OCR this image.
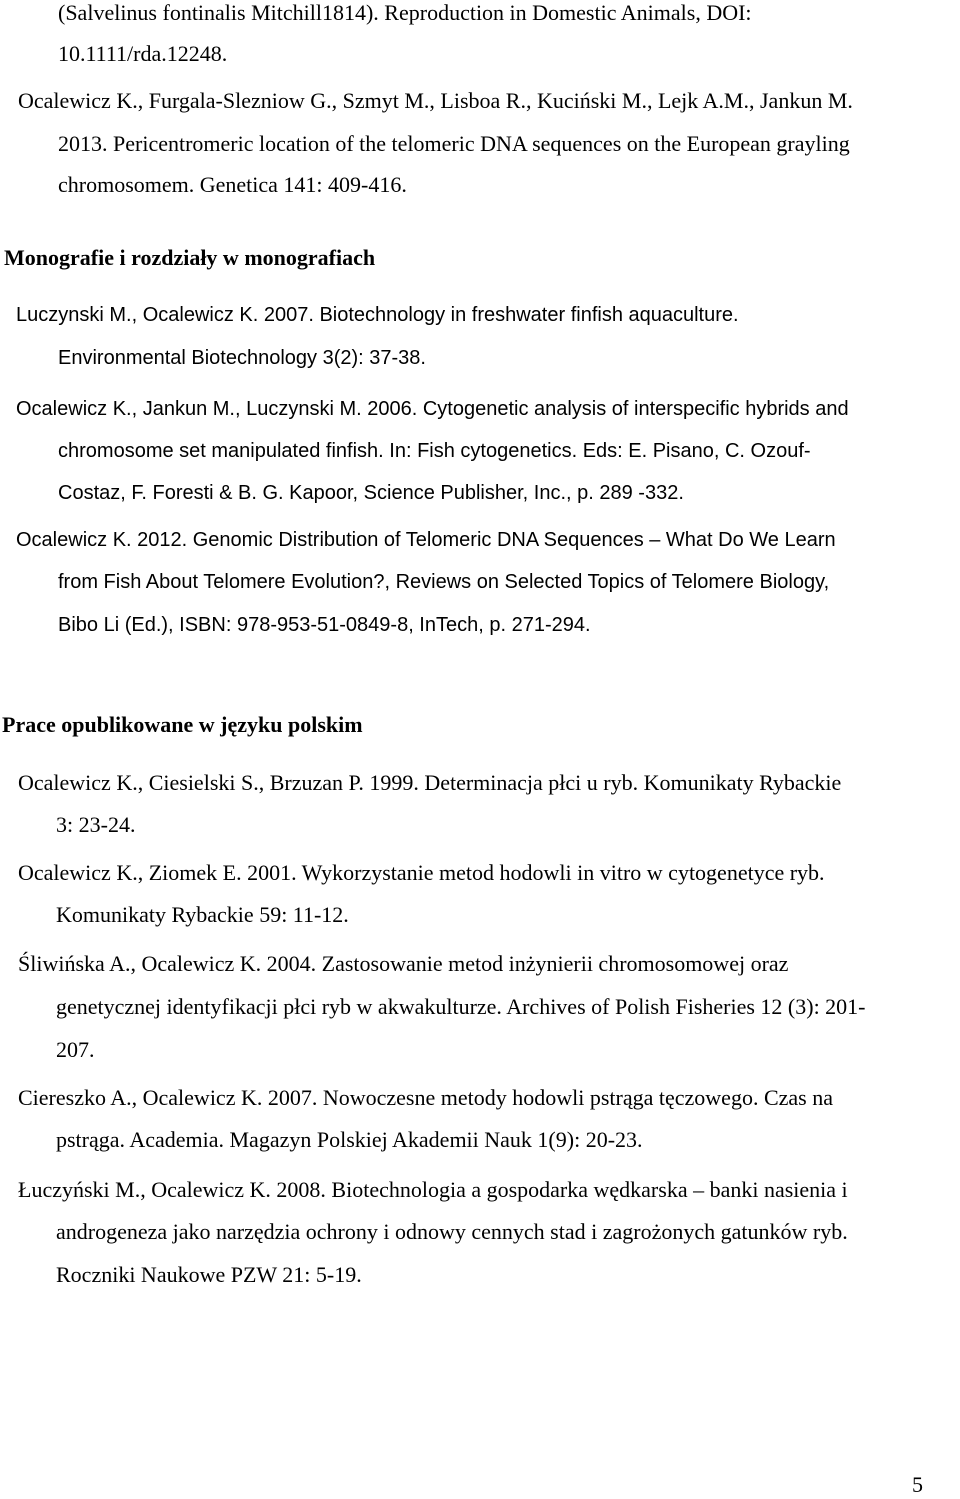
(Salvelinus fontinalis Mitchill1814). Reproduction in Domestic Animals, DOI:
10.1111/rda.12248.
Ocalewicz K., Furgala-Slezniow G., Szmyt M., Lisboa R., Kuciński M., Lejk A.M., Jankun M.
2013. Pericentromeric location of the telomeric DNA sequences on the European grayling
chromosomem. Genetica 141: 409-416.
Monografie i rozdziały w monografiach
Luczynski M., Ocalewicz K. 2007. Biotechnology in freshwater finfish aquaculture.
Environmental Biotechnology 3(2): 37-38.
Ocalewicz K., Jankun M., Luczynski M. 2006. Cytogenetic analysis of interspecific hybrids and
chromosome set manipulated finfish. In: Fish cytogenetics. Eds: E. Pisano, C. Ozouf-
Costaz, F. Foresti & B. G. Kapoor, Science Publisher, Inc., p. 289 -332.
Ocalewicz K. 2012. Genomic Distribution of Telomeric DNA Sequences – What Do We Learn
from Fish About Telomere Evolution?, Reviews on Selected Topics of Telomere Biology,
Bibo Li (Ed.), ISBN: 978-953-51-0849-8, InTech, p. 271-294.
Prace opublikowane w języku polskim
Ocalewicz K., Ciesielski S., Brzuzan P. 1999. Determinacja płci u ryb. Komunikaty Rybackie
3: 23-24.
Ocalewicz K., Ziomek E. 2001. Wykorzystanie metod hodowli in vitro w cytogenetyce ryb.
Komunikaty Rybackie 59: 11-12.
Śliwińska A., Ocalewicz K. 2004. Zastosowanie metod inżynierii chromosomowej oraz
genetycznej identyfikacji płci ryb w akwakulturze. Archives of Polish Fisheries 12 (3): 201-
207.
Ciereszko A., Ocalewicz K. 2007. Nowoczesne metody hodowli pstrąga tęczowego. Czas na
pstrąga. Academia. Magazyn Polskiej Akademii Nauk 1(9): 20-23.
Łuczyński M., Ocalewicz K. 2008. Biotechnologia a gospodarka wędkarska – banki nasienia i
androgeneza jako narzędzia ochrony i odnowy cennych stad i zagrożonych gatunków ryb.
Roczniki Naukowe PZW 21: 5-19.
5
